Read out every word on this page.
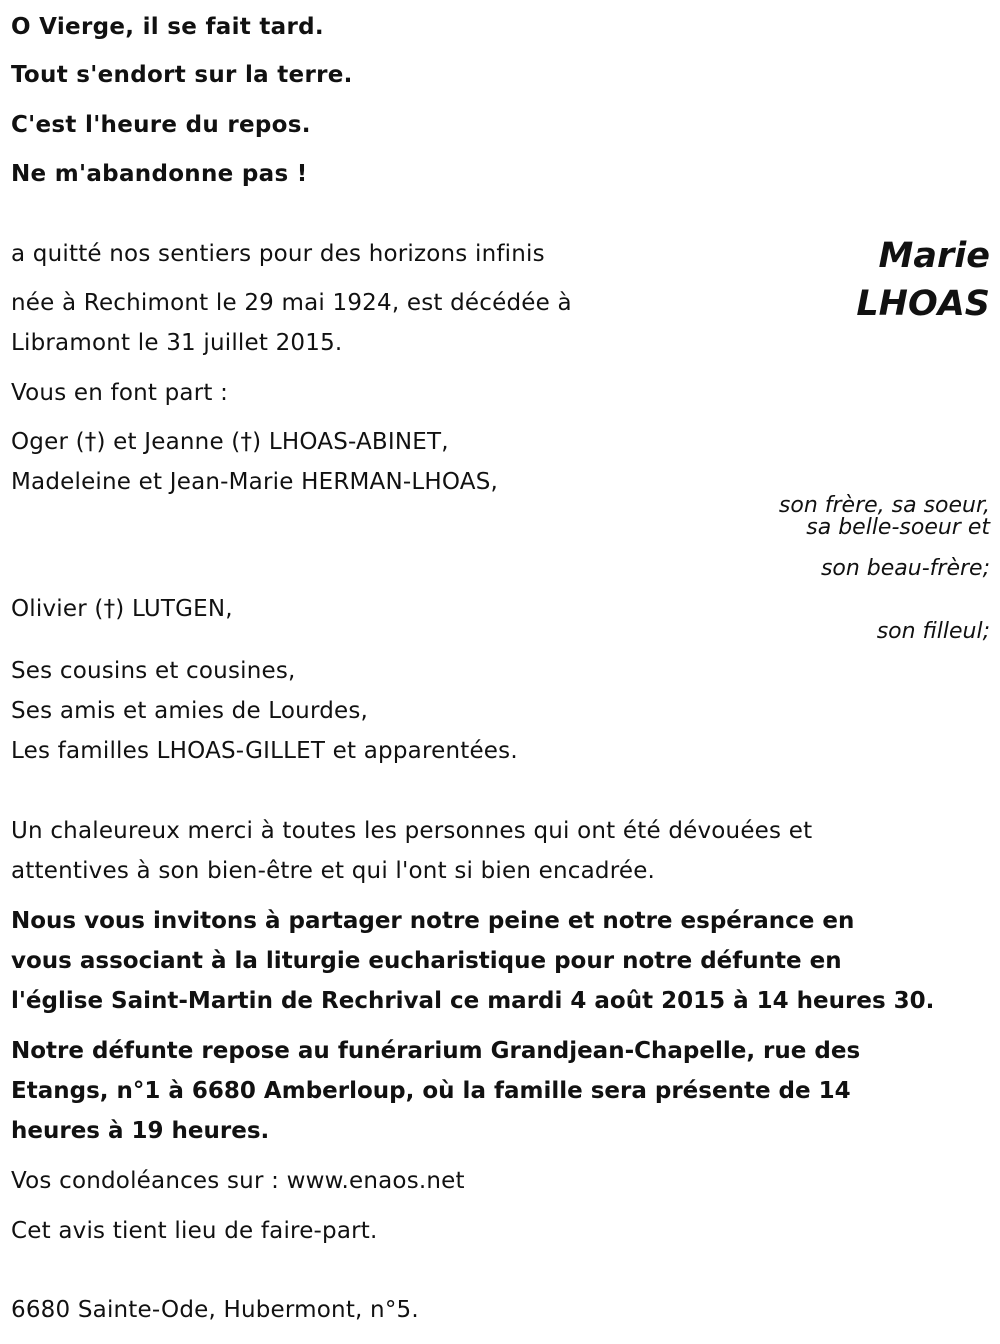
O Vierge, il se fait tard.
Tout s'endort sur la terre.
C'est l'heure du repos.
Ne m'abandonne pas !
Marie
LHOAS
a quitté nos sentiers pour des horizons infinis
née à Rechimont le 29 mai 1924, est décédée à
Libramont le 31 juillet 2015.
Vous en font part :
Oger (†) et Jeanne (†) LHOAS-ABINET,
Madeleine et Jean-Marie HERMAN-LHOAS,
Olivier (†) LUTGEN,
Ses cousins et cousines,
Ses amis et amies de Lourdes,
Les familles LHOAS-GILLET et apparentées.
son frère, sa soeur,
sa belle-soeur et
son beau-frère;
son filleul;
Un chaleureux merci à toutes les personnes qui ont été dévouées et
attentives à son bien-être et qui l'ont si bien encadrée.
Nous vous invitons à partager notre peine et notre espérance en
vous associant à la liturgie eucharistique pour notre défunte en
l'église Saint-Martin de Rechrival ce mardi 4 août 2015 à 14 heures 30.
Notre défunte repose au funérarium Grandjean-Chapelle, rue des
Etangs, n°1 à 6680 Amberloup, où la famille sera présente de 14
heures à 19 heures.
Vos condoléances sur : www.enaos.net
Cet avis tient lieu de faire-part.
6680 Sainte-Ode, Hubermont, n°5.
